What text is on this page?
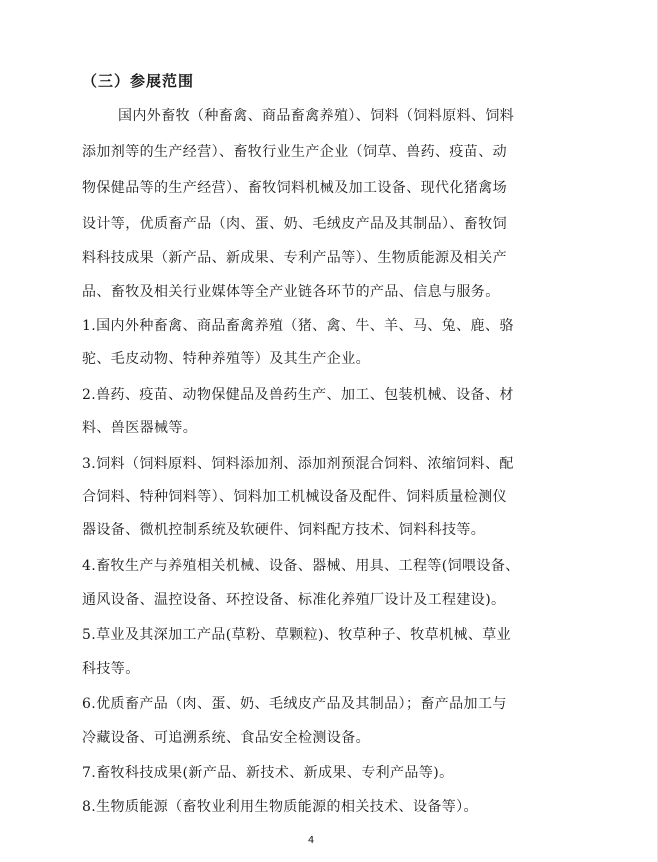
（三）参展范围
国内外畜牧（种畜禽、商品畜禽养殖）、饲料（饲料原料、饲料
添加剂等的生产经营）、畜牧行业生产企业（饲草、兽药、疫苗、动
物保健品等的生产经营）、畜牧饲料机械及加工设备、现代化猪禽场
设计等，优质畜产品（肉、蛋、奶、毛绒皮产品及其制品）、畜牧饲
料科技成果（新产品、新成果、专利产品等）、生物质能源及相关产
品、畜牧及相关行业媒体等全产业链各环节的产品、信息与服务。
1.国内外种畜禽、商品畜禽养殖（猪、禽、牛、羊、马、兔、鹿、骆
驼、毛皮动物、特种养殖等）及其生产企业。
2.兽药、疫苗、动物保健品及兽药生产、加工、包装机械、设备、材
料、兽医器械等。
3.饲料（饲料原料、饲料添加剂、添加剂预混合饲料、浓缩饲料、配
合饲料、特种饲料等）、饲料加工机械设备及配件、饲料质量检测仪
器设备、微机控制系统及软硬件、饲料配方技术、饲料科技等。
4.畜牧生产与养殖相关机械、设备、器械、用具、工程等(饲喂设备、
通风设备、温控设备、环控设备、标准化养殖厂设计及工程建设)。
5.草业及其深加工产品(草粉、草颗粒)、牧草种子、牧草机械、草业
科技等。
6.优质畜产品（肉、蛋、奶、毛绒皮产品及其制品）；畜产品加工与
冷藏设备、可追溯系统、食品安全检测设备。
7.畜牧科技成果(新产品、新技术、新成果、专利产品等)。
8.生物质能源（畜牧业利用生物质能源的相关技术、设备等）。
4
